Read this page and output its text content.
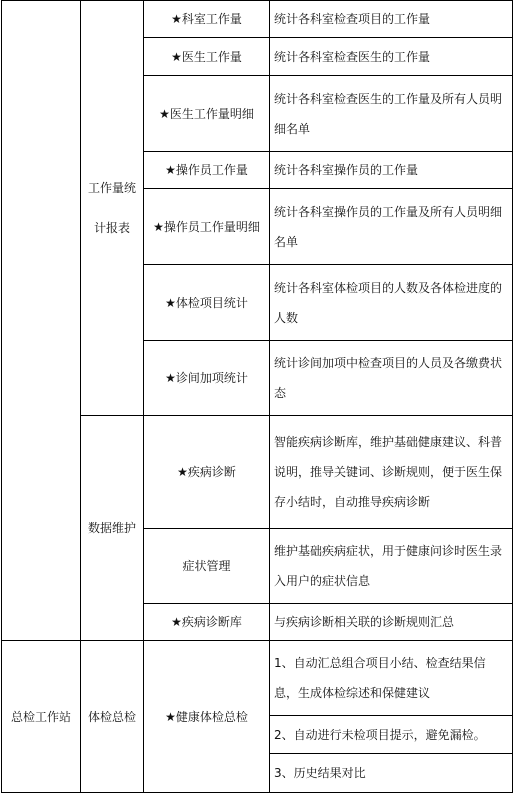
	工作量统计报表	★科室工作量	统计各科室检查项目的工作量
		★医生工作量	统计各科室检查医生的工作量
		★医生工作量明细	统计各科室检查医生的工作量及所有人员明细名单
		★操作员工作量	统计各科室操作员的工作量
		★操作员工作量明细	统计各科室操作员的工作量及所有人员明细名单
		★体检项目统计	统计各科室体检项目的人数及各体检进度的人数
		★诊间加项统计	统计诊间加项中检查项目的人员及各缴费状态
	数据维护	★疾病诊断	智能疾病诊断库，维护基础健康建议、科普说明，推导关键词、诊断规则，便于医生保存小结时，自动推导疾病诊断
		症状管理	维护基础疾病症状，用于健康问诊时医生录入用户的症状信息
		★疾病诊断库	与疾病诊断相关联的诊断规则汇总
总检工作站	体检总检	★健康体检总检	1、自动汇总组合项目小结、检查结果信息，生成体检综述和保健建议
			2、自动进行未检项目提示，避免漏检。
			3、历史结果对比
